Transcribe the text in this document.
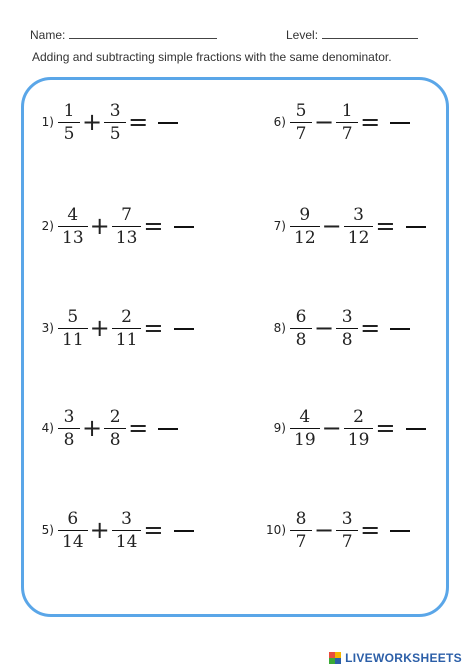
Name:	Level:
Adding and subtracting simple fractions with the same denominator.
$1) \frac{1}{5} + \frac{3}{5}$ =
$2) \frac{4}{13} + \frac{7}{13}$ =
$3) \frac{5}{11} + \frac{2}{11}$ =
$4) \frac{3}{8} + \frac{2}{8}$ =
$5) \frac{6}{14} + \frac{3}{14}$ =
$6) \frac{5}{7} - \frac{1}{7}$ =
$7) \frac{9}{12} - \frac{3}{12}$ =
$8) \frac{6}{8} - \frac{3}{8}$ =
$9) \frac{4}{19} - \frac{2}{19}$ =
$10) \frac{8}{7} - \frac{3}{7}$ =
LIVEWORKSHEETS
